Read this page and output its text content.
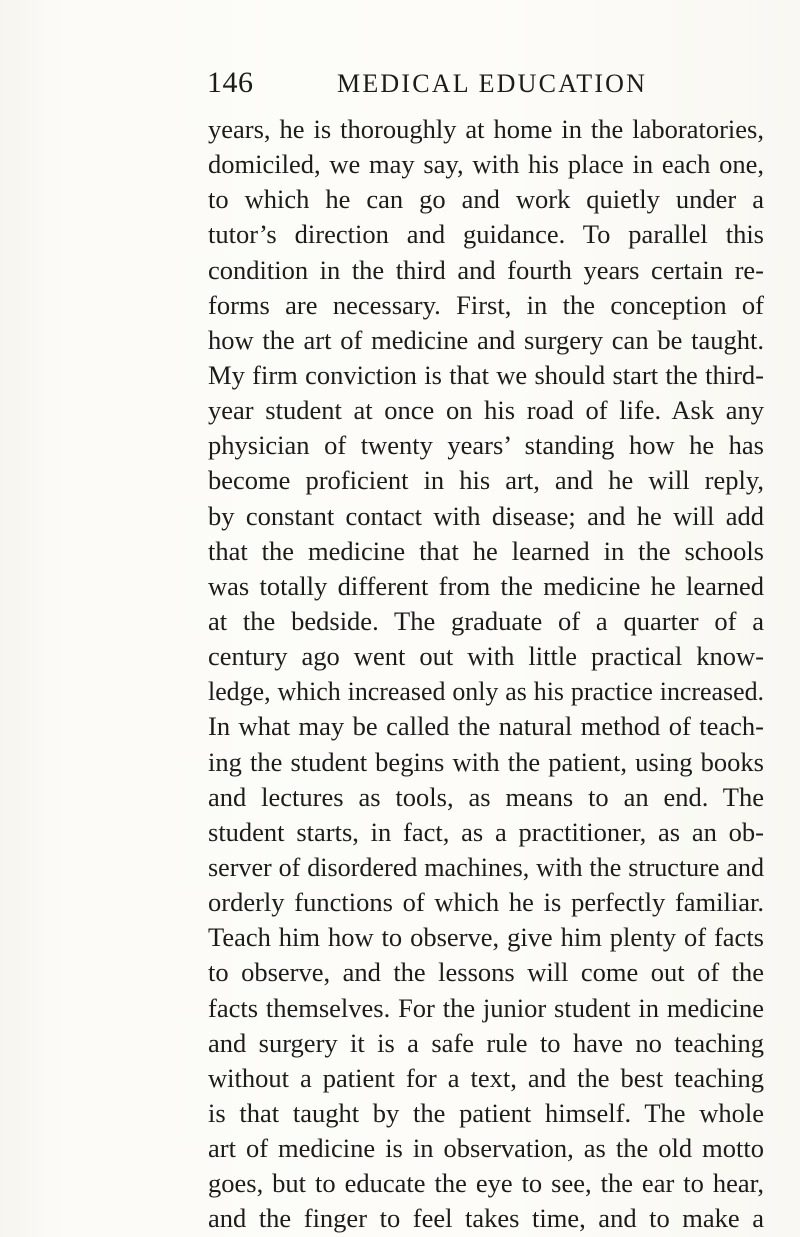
146	MEDICAL EDUCATION
years, he is thoroughly at home in the laboratories,
domiciled, we may say, with his place in each one,
to which he can go and work quietly under a
tutor’s direction and guidance. To parallel this
condition in the third and fourth years certain re-
forms are necessary. First, in the conception of
how the art of medicine and surgery can be taught.
My firm conviction is that we should start the third-
year student at once on his road of life. Ask any
physician of twenty years’ standing how he has
become proficient in his art, and he will reply,
by constant contact with disease; and he will add
that the medicine that he learned in the schools
was totally different from the medicine he learned
at the bedside. The graduate of a quarter of a
century ago went out with little practical know-
ledge, which increased only as his practice increased.
In what may be called the natural method of teach-
ing the student begins with the patient, using books
and lectures as tools, as means to an end. The
student starts, in fact, as a practitioner, as an ob-
server of disordered machines, with the structure and
orderly functions of which he is perfectly familiar.
Teach him how to observe, give him plenty of facts
to observe, and the lessons will come out of the
facts themselves. For the junior student in medicine
and surgery it is a safe rule to have no teaching
without a patient for a text, and the best teaching
is that taught by the patient himself. The whole
art of medicine is in observation, as the old motto
goes, but to educate the eye to see, the ear to hear,
and the finger to feel takes time, and to make a
